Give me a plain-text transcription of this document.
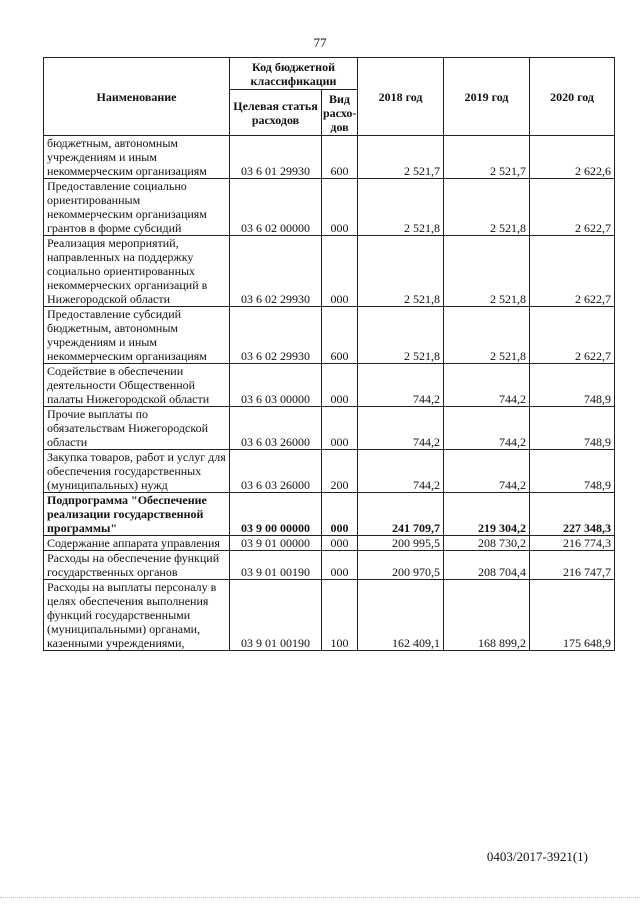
77
Наименование	Код бюджетной классификации		2018 год	2019 год	2020 год
	Целевая статья расходов	Вид расхо-дов			
бюджетным, автономным учреждениям и иным некоммерческим организациям	03 6 01 29930	600	2 521,7	2 521,7	2 622,6
Предоставление социально ориентированным некоммерческим организациям грантов в форме субсидий	03 6 02 00000	000	2 521,8	2 521,8	2 622,7
Реализация мероприятий, направленных на поддержку социально ориентированных некоммерческих организаций в Нижегородской области	03 6 02 29930	000	2 521,8	2 521,8	2 622,7
Предоставление субсидий бюджетным, автономным учреждениям и иным некоммерческим организациям	03 6 02 29930	600	2 521,8	2 521,8	2 622,7
Содействие в обеспечении деятельности Общественной палаты Нижегородской области	03 6 03 00000	000	744,2	744,2	748,9
Прочие выплаты по обязательствам Нижегородской области	03 6 03 26000	000	744,2	744,2	748,9
Закупка товаров, работ и услуг для обеспечения государственных (муниципальных) нужд	03 6 03 26000	200	744,2	744,2	748,9
Подпрограмма "Обеспечение реализации государственной программы"	03 9 00 00000	000	241 709,7	219 304,2	227 348,3
Содержание аппарата управления	03 9 01 00000	000	200 995,5	208 730,2	216 774,3
Расходы на обеспечение функций государственных органов	03 9 01 00190	000	200 970,5	208 704,4	216 747,7
Расходы на выплаты персоналу в целях обеспечения выполнения функций государственными (муниципальными) органами, казенными учреждениями,	03 9 01 00190	100	162 409,1	168 899,2	175 648,9
0403/2017-3921(1)
